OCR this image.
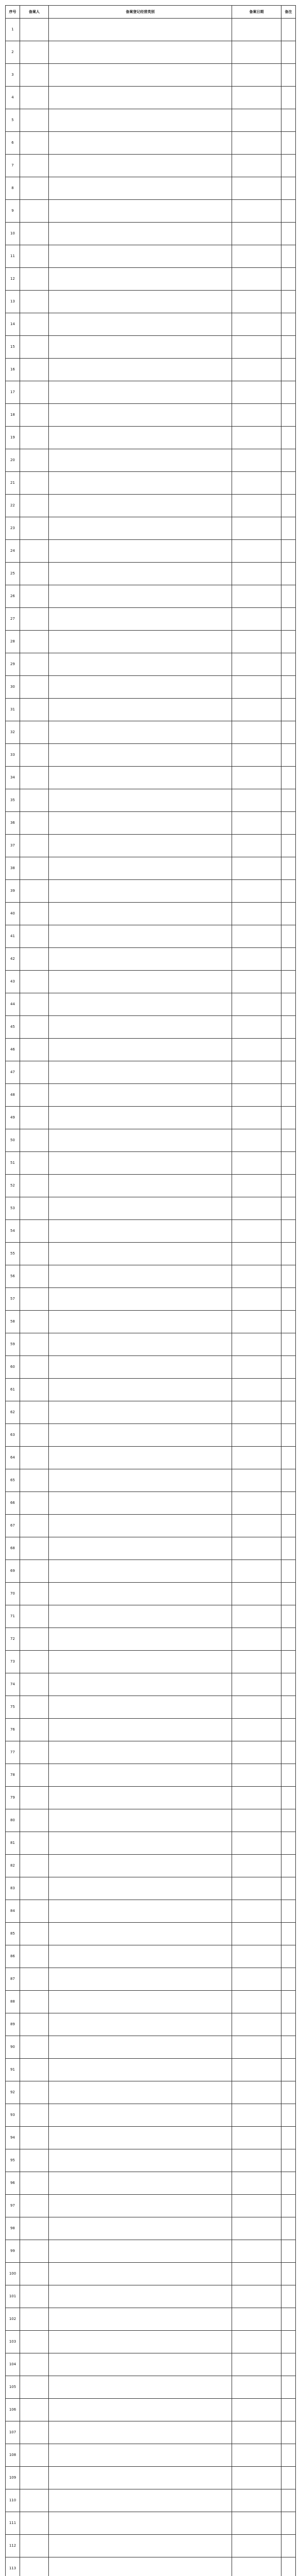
序号	备案人	备案登记经营类别	备案日期	备注
1				
2				
3				
4				
5				
6				
7				
8				
9				
10				
11				
12				
13				
14				
15				
16				
17				
18				
19				
20				
21				
22				
23				
24				
25				
26				
27				
28				
29				
30				
31				
32				
33				
34				
35				
36				
37				
38				
39				
40				
41				
42				
43				
44				
45				
46				
47				
48				
49				
50				
51				
52				
53				
54				
55				
56				
57				
58				
59				
60				
61				
62				
63				
64				
65				
66				
67				
68				
69				
70				
71				
72				
73				
74				
75				
76				
77				
78				
79				
80				
81				
82				
83				
84				
85				
86				
87				
88				
89				
90				
91				
92				
93				
94				
95				
96				
97				
98				
99				
100				
101				
102				
103				
104				
105				
106				
107				
108				
109				
110				
111				
112				
113				
